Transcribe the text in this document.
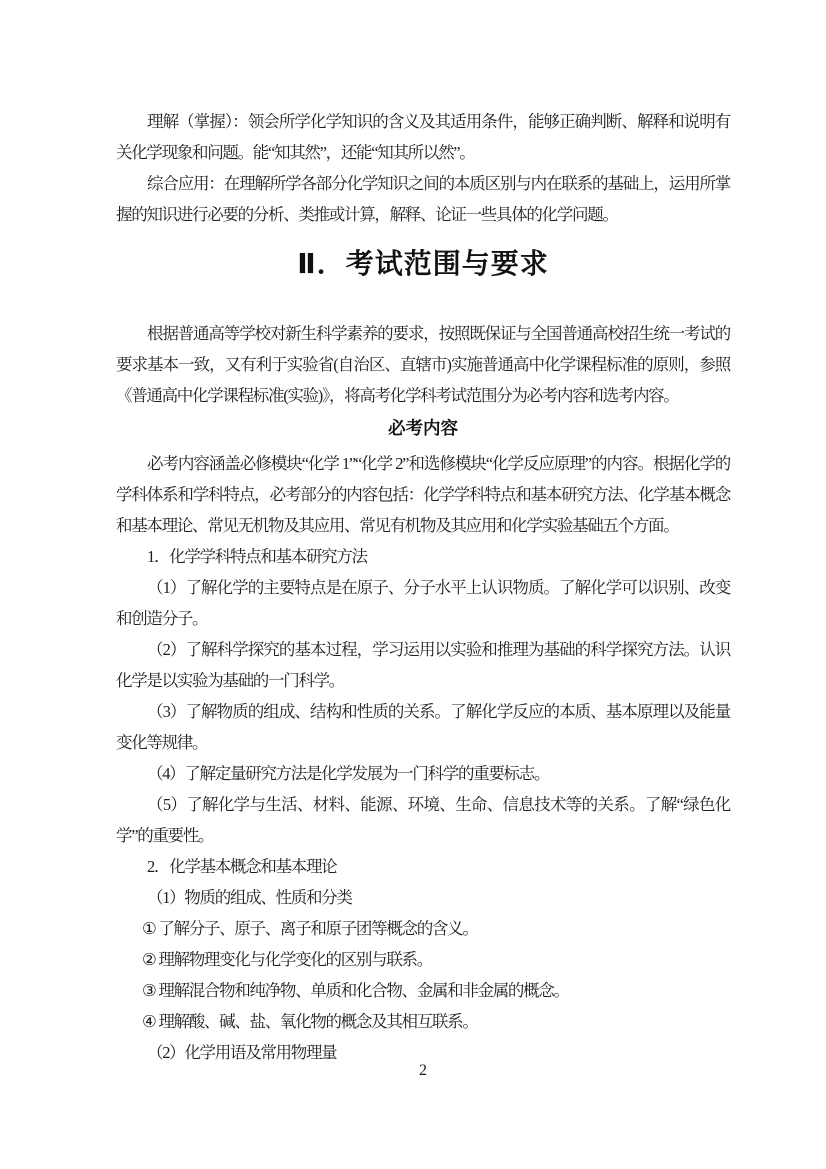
理解（掌握）：领会所学化学知识的含义及其适用条件，能够正确判断、解释和说明有关化学现象和问题。能“知其然”，还能“知其所以然”。

综合应用：在理解所学各部分化学知识之间的本质区别与内在联系的基础上，运用所掌握的知识进行必要的分析、类推或计算，解释、论证一些具体的化学问题。

Ⅱ．考试范围与要求

根据普通高等学校对新生科学素养的要求，按照既保证与全国普通高校招生统一考试的要求基本一致，又有利于实验省(自治区、直辖市)实施普通高中化学课程标准的原则，参照《普通高中化学课程标准(实验)》，将高考化学科考试范围分为必考内容和选考内容。

必考内容

必考内容涵盖必修模块“化学 1”“化学 2”和选修模块“化学反应原理”的内容。根据化学的学科体系和学科特点，必考部分的内容包括：化学学科特点和基本研究方法、化学基本概念和基本理论、常见无机物及其应用、常见有机物及其应用和化学实验基础五个方面。

1．化学学科特点和基本研究方法

（1）了解化学的主要特点是在原子、分子水平上认识物质。了解化学可以识别、改变和创造分子。

（2）了解科学探究的基本过程，学习运用以实验和推理为基础的科学探究方法。认识化学是以实验为基础的一门科学。

（3）了解物质的组成、结构和性质的关系。了解化学反应的本质、基本原理以及能量变化等规律。

（4）了解定量研究方法是化学发展为一门科学的重要标志。

（5）了解化学与生活、材料、能源、环境、生命、信息技术等的关系。了解“绿色化学”的重要性。

2．化学基本概念和基本理论

（1）物质的组成、性质和分类

① 了解分子、原子、离子和原子团等概念的含义。

② 理解物理变化与化学变化的区别与联系。

③ 理解混合物和纯净物、单质和化合物、金属和非金属的概念。

④ 理解酸、碱、盐、氧化物的概念及其相互联系。

（2）化学用语及常用物理量

2
